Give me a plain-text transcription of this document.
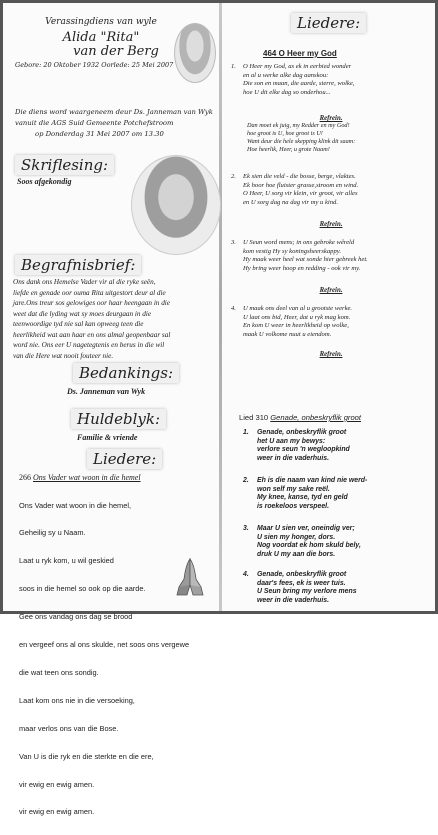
Verassingdiens van wyle
Alida "Rita"
van der Berg
Gebore: 20 Oktober 1932 Oorlede: 25 Mei 2007
Die diens word waargeneem deur Ds. Janneman van Wyk
vanuit die AGS Suid Gemeente Potchefstroom
op Donderdag 31 Mei 2007 om 13.30
Skriflesing:
Soos afgekondig
Begrafnisbrief:
Ons dank ons Hemelse Vader vir al die ryke seën,
liefde en genade oor ouma Rita uitgestort deur al die
jare.Ons treur sos gelowiges oor haar heengaan in die
weet dat die lyding wat sy moes deurgaan in die
teenwoordige tyd nie sal kan opweeg teen die
heerlikheid wat aan haar en ons almal geopenbaar sal
word nie. Ons eer U nagetegtenis en berus in die wil
van die Here wat nooit fouteer nie.
Bedankings:
Ds. Janneman van Wyk
Huldeblyk:
Familie & vriende
Liedere:
266 Ons Vader wat woon in die hemel

Ons Vader wat woon in die hemel,

Geheilig sy u Naam.

Laat u ryk kom, u wil geskied

soos in die hemel so ook op die aarde.

Gee ons vandag ons dag se brood

en vergeef ons al ons skulde, net soos ons vergewe

die wat teen ons sondig.

Laat kom ons nie in die versoeking,

maar verlos ons van die Bose.

Van U is die ryk en die sterkte en die ere,

vir ewig en ewig amen.

vir ewig en ewig amen.

Liedere:
464 O Heer my God
1. O Heer my God, as ek in eerbied wonder
en al u werke alke dag aanskou:
Die son en maan, die aarde, sterre, wolke,
hoe U dit elke dag so onderhou...
Refrein.
Dan moet ek juig, my Redder en my God!
hoe groot is U, hoe groot is U!
Want deur die hele skepping klink dit saam:
Hoe heerlik, Heer, u grote Naam!
2. Ek sien die veld - die bosse, berge, vlaktes.
Ek hoor hoe fluister grasse,stroom en wind.
O Heer, U sorg vir klein, vir groot, vir alles
en U sorg dag na dag vir my u kind.
Refrein.
3. U Seun word mens; in ons gebroke wêreld
kom vestig Hy sy koningsheerskappy.
Hy maak weer heel wat sonde hier gebreek het.
Hy bring weer hoop en redding - ook vir my.
Refrein.
4. U maak ons deel van al u grootste werke.
U laat ons bid, Heer, dat u ryk mag kom.
En kom U weer in heerlikheid op wolke,
maak U volkome nuut u eiendom.
Refrein.
Lied 310 Genade, onbeskryflik groot
1. Genade, onbeskryflik groot
het U aan my bewys:
verlore seun 'n wegloopkind
weer in die vaderhuis.
2. Eh is die naam van kind nie werd-
won self my sake reël.
My knee, kanse, tyd en geld
is roekeloos verspeel.
3. Maar U sien ver, oneindig ver;
U sien my honger, dors.
Nog voordat ek hom skuld bely,
druk U my aan die bors.
4. Genade, onbeskryflik groot
daar's fees, ek is weer tuis.
U Seun bring my verlore mens
weer in die vaderhuis.
